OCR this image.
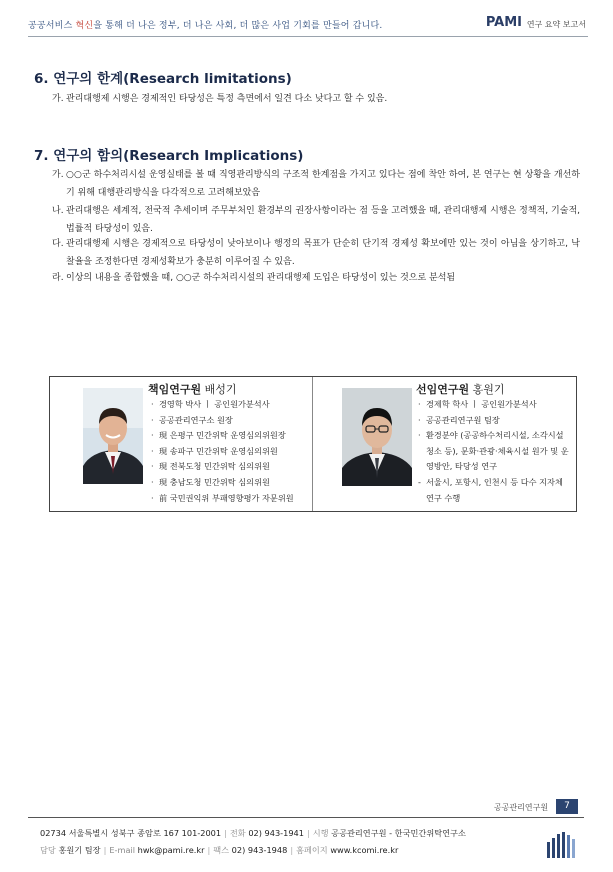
공공서비스 혁신을 통해 더 나은 정부, 더 나은 사회, 더 많은 사업 기회를 만들어 갑니다.	PAMI 연구 요약 보고서
6. 연구의 한계(Research limitations)
가. 관리대행제 시행은 경제적인 타당성은 특정 측면에서 일견 다소 낮다고 할 수 있음.
7. 연구의 함의(Research Implications)
가. ○○군 하수처리시설 운영실태를 볼 때 직영관리방식의 구조적 한계점을 가지고 있다는 점에 착안 하여, 본 연구는 현 상황을 개선하기 위해 대행관리방식을 다각적으로 고려해보았음
나. 관리대행은 세계적, 전국적 추세이며 주무부처인 환경부의 권장사항이라는 점 등을 고려했을 때, 관리대행제 시행은 정책적, 기술적, 법률적 타당성이 있음.
다. 관리대행제 시행은 경제적으로 타당성이 낮아보이나 행정의 목표가 단순히 단기적 경제성 확보에만 있는 것이 아님을 상기하고, 낙찰율을 조정한다면 경제성확보가 충분히 이루어질 수 있음.
라. 이상의 내용을 종합했을 때, ○○군 하수처리시설의 관리대행제 도입은 타당성이 있는 것으로 분석됨
책임연구원 배성기
· 경영학 박사 ㅣ 공인원가분석사
· 공공관리연구소 원장
· 現 은평구 민간위탁 운영심의위원장
· 現 송파구 민간위탁 운영심의위원
· 現 전북도청 민간위탁 심의위원
· 現 충남도청 민간위탁 심의위원
· 前 국민권익위 부패영향평가 자문위원
선임연구원 홍원기
· 경제학 학사 ㅣ 공인원가분석사
· 공공관리연구원 팀장
· 환경분야 (공공하수처리시설, 소각시설 청소 등), 문화·관광·체육시설 원가 및 운영방안, 타당성 연구
- 서울시, 포항시, 인천시 등 다수 지자체 연구 수행
공공관리연구원	7
02734 서울특별시 성북구 종암로 167 101-2001 | 전화 02) 943-1941 | 시행 공공관리연구원 - 한국민간위탁연구소
담당 홍원기 팀장 | E-mail hwk@pami.re.kr | 팩스 02) 943-1948 | 홈페이지 www.kcomi.re.kr
